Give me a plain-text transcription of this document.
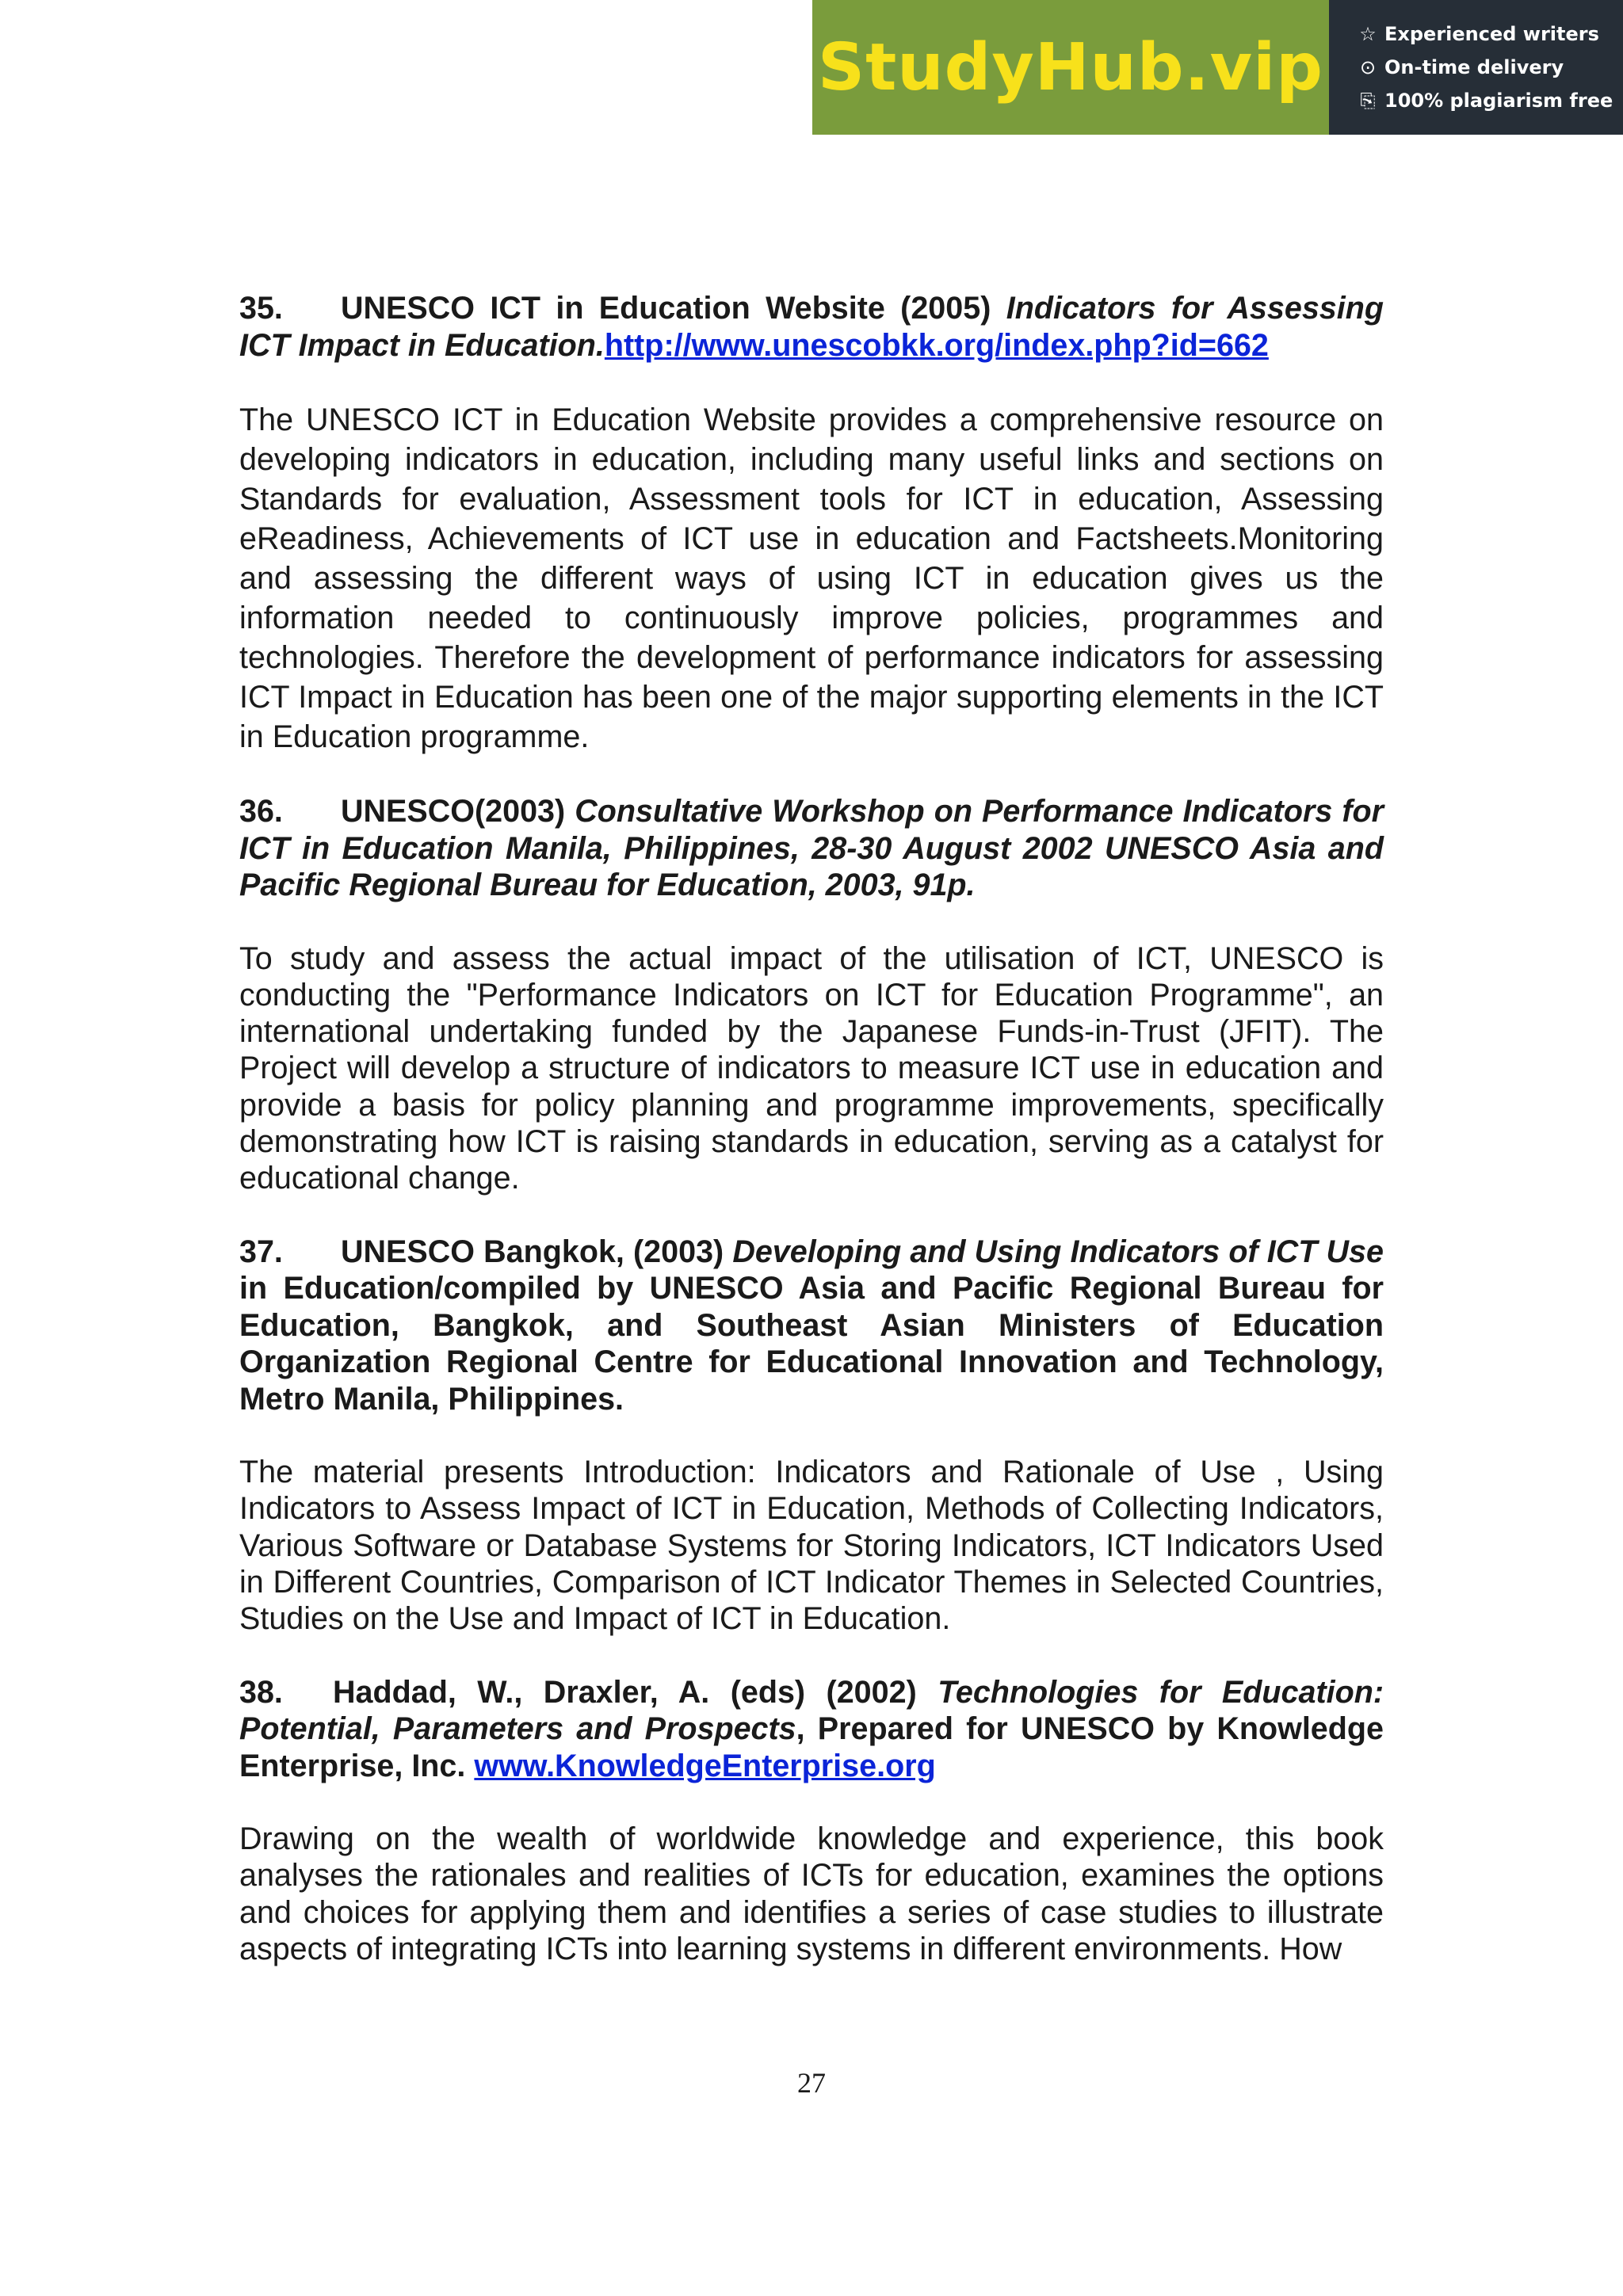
StudyHub.vip ☆ Experienced writers
⊙ On-time delivery
⎘ 100% plagiarism free

35. UNESCO ICT in Education Website (2005) Indicators for Assessing ICT Impact in Education.http://www.unescobkk.org/index.php?id=662

The UNESCO ICT in Education Website provides a comprehensive resource on developing indicators in education, including many useful links and sections on Standards for evaluation, Assessment tools for ICT in education, Assessing eReadiness, Achievements of ICT use in education and Factsheets.Monitoring and assessing the different ways of using ICT in education gives us the information needed to continuously improve policies, programmes and technologies. Therefore the development of performance indicators for assessing ICT Impact in Education has been one of the major supporting elements in the ICT in Education programme.

36. UNESCO(2003) Consultative Workshop on Performance Indicators for ICT in Education Manila, Philippines, 28-30 August 2002 UNESCO Asia and Pacific Regional Bureau for Education, 2003, 91p.

To study and assess the actual impact of the utilisation of ICT, UNESCO is conducting the "Performance Indicators on ICT for Education Programme", an international undertaking funded by the Japanese Funds-in-Trust (JFIT). The Project will develop a structure of indicators to measure ICT use in education and provide a basis for policy planning and programme improvements, specifically demonstrating how ICT is raising standards in education, serving as a catalyst for educational change.

37. UNESCO Bangkok, (2003) Developing and Using Indicators of ICT Use in Education/compiled by UNESCO Asia and Pacific Regional Bureau for Education, Bangkok, and Southeast Asian Ministers of Education Organization Regional Centre for Educational Innovation and Technology, Metro Manila, Philippines.

The material presents Introduction: Indicators and Rationale of Use , Using Indicators to Assess Impact of ICT in Education, Methods of Collecting Indicators, Various Software or Database Systems for Storing Indicators, ICT Indicators Used in Different Countries, Comparison of ICT Indicator Themes in Selected Countries, Studies on the Use and Impact of ICT in Education.

38. Haddad, W., Draxler, A. (eds) (2002) Technologies for Education: Potential, Parameters and Prospects, Prepared for UNESCO by Knowledge Enterprise, Inc. www.KnowledgeEnterprise.org

Drawing on the wealth of worldwide knowledge and experience, this book analyses the rationales and realities of ICTs for education, examines the options and choices for applying them and identifies a series of case studies to illustrate aspects of integrating ICTs into learning systems in different environments. How

27
